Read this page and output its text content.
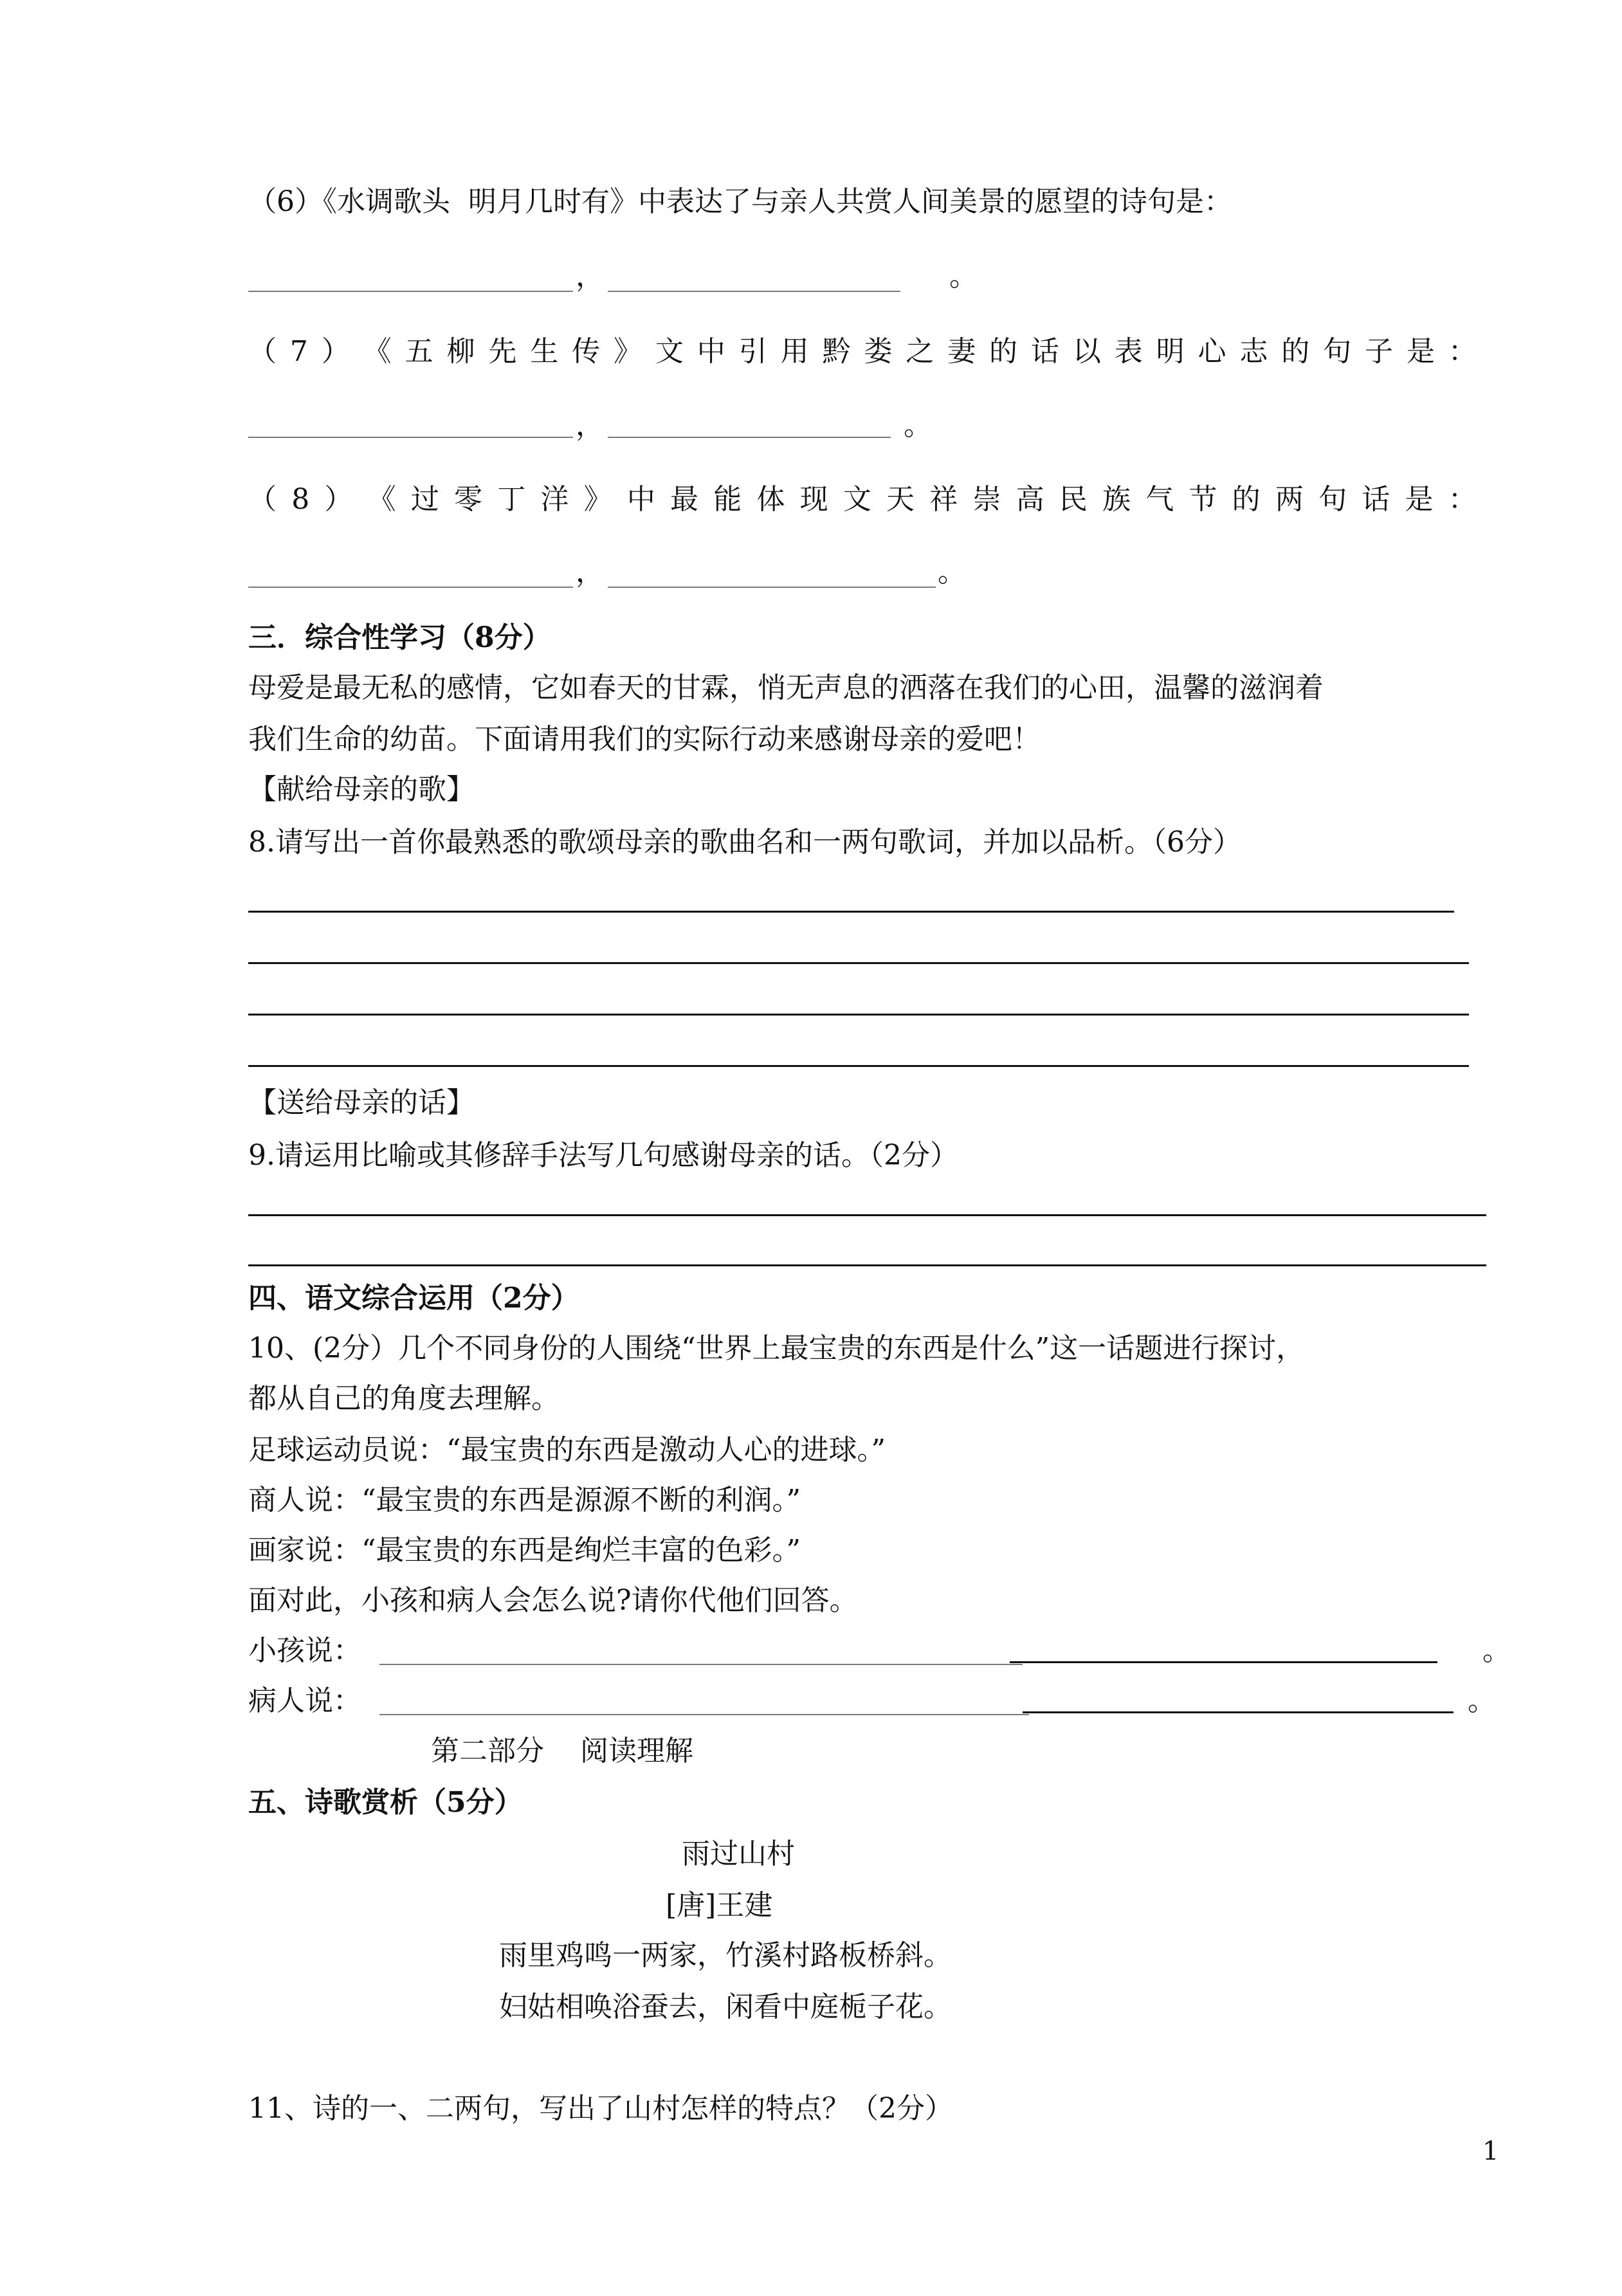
（6）《水调歌头  明月几时有》中表达了与亲人共赏人间美景的愿望的诗句是：
，	。
（ 7 ） 《 五 柳 先 生 传 》 文 中 引 用 黔 娄 之 妻 的 话 以 表 明 心 志 的 句 子 是 ：
，	。
（ 8 ） 《 过 零 丁 洋 》 中 最 能 体 现 文 天 祥 崇 高 民 族 气 节 的 两 句 话 是 ：
，	。
三．综合性学习（8分）
母爱是最无私的感情，它如春天的甘霖，悄无声息的洒落在我们的心田，温馨的滋润着
我们生命的幼苗。下面请用我们的实际行动来感谢母亲的爱吧！
【献给母亲的歌】
8.请写出一首你最熟悉的歌颂母亲的歌曲名和一两句歌词，并加以品析。（6分）
【送给母亲的话】
9.请运用比喻或其修辞手法写几句感谢母亲的话。（2分）
四、语文综合运用（2分）
10、(2分）几个不同身份的人围绕“世界上最宝贵的东西是什么”这一话题进行探讨，
都从自己的角度去理解。
足球运动员说：“最宝贵的东西是激动人心的进球。”
商人说：“最宝贵的东西是源源不断的利润。”
画家说：“最宝贵的东西是绚烂丰富的色彩。”
面对此，小孩和病人会怎么说?请你代他们回答。
小孩说：	。
病人说：	。
第二部分    阅读理解
五、诗歌赏析（5分）
雨过山村
[唐]王建
雨里鸡鸣一两家，竹溪村路板桥斜。
妇姑相唤浴蚕去，闲看中庭栀子花。
11、诗的一、二两句，写出了山村怎样的特点？（2分）
1
